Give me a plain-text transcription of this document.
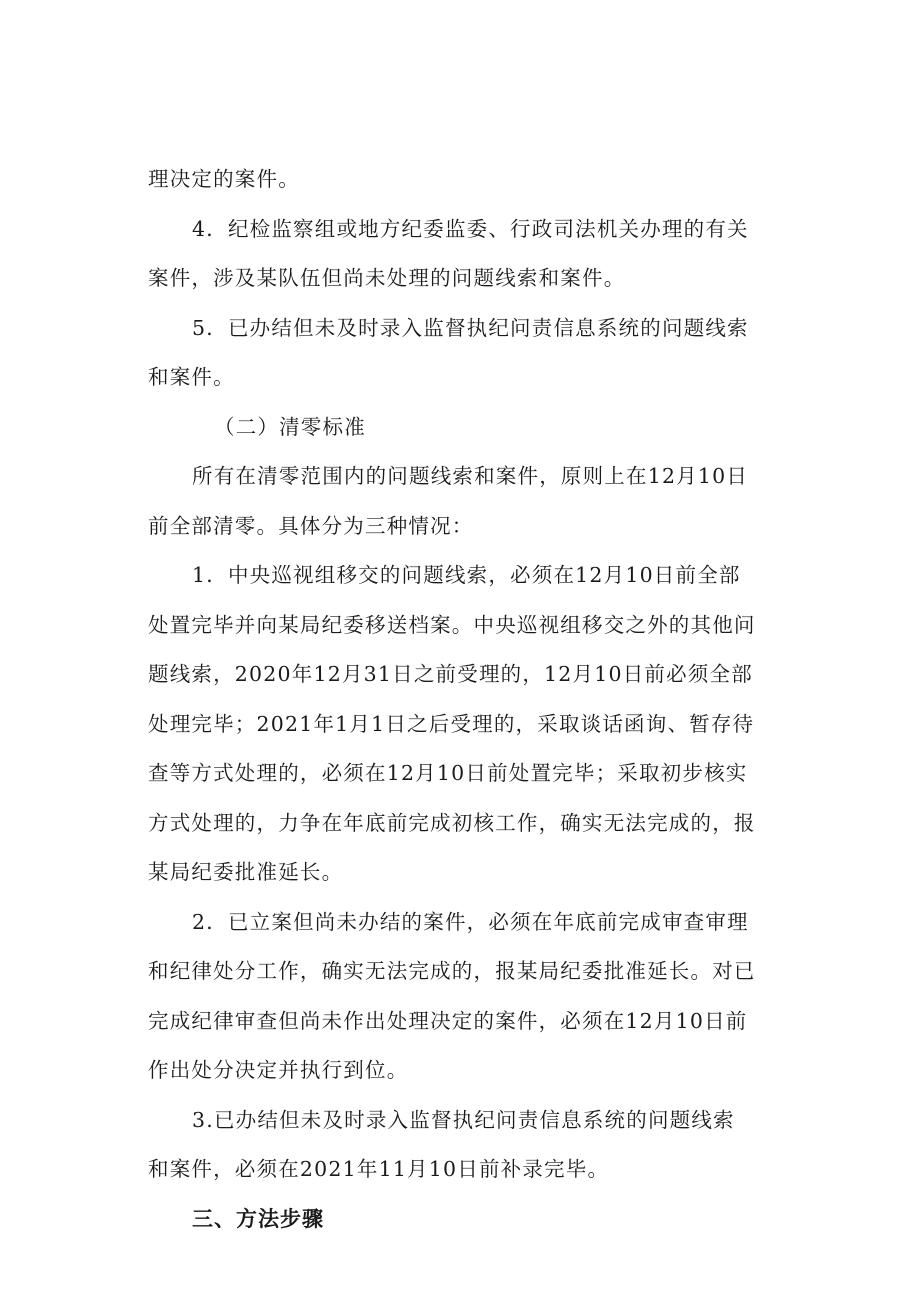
理决定的案件。

4．纪检监察组或地方纪委监委、行政司法机关办理的有关
案件，涉及某队伍但尚未处理的问题线索和案件。

5．已办结但未及时录入监督执纪问责信息系统的问题线索
和案件。

（二）清零标准

所有在清零范围内的问题线索和案件，原则上在12月10日
前全部清零。具体分为三种情况：

1．中央巡视组移交的问题线索，必须在12月10日前全部
处置完毕并向某局纪委移送档案。中央巡视组移交之外的其他问
题线索，2020年12月31日之前受理的，12月10日前必须全部
处理完毕；2021年1月1日之后受理的，采取谈话函询、暂存待
查等方式处理的，必须在12月10日前处置完毕；采取初步核实
方式处理的，力争在年底前完成初核工作，确实无法完成的，报
某局纪委批准延长。

2．已立案但尚未办结的案件，必须在年底前完成审查审理
和纪律处分工作，确实无法完成的，报某局纪委批准延长。对已
完成纪律审查但尚未作出处理决定的案件，必须在12月10日前
作出处分决定并执行到位。

3.已办结但未及时录入监督执纪问责信息系统的问题线索
和案件，必须在2021年11月10日前补录完毕。

三、方法步骤
